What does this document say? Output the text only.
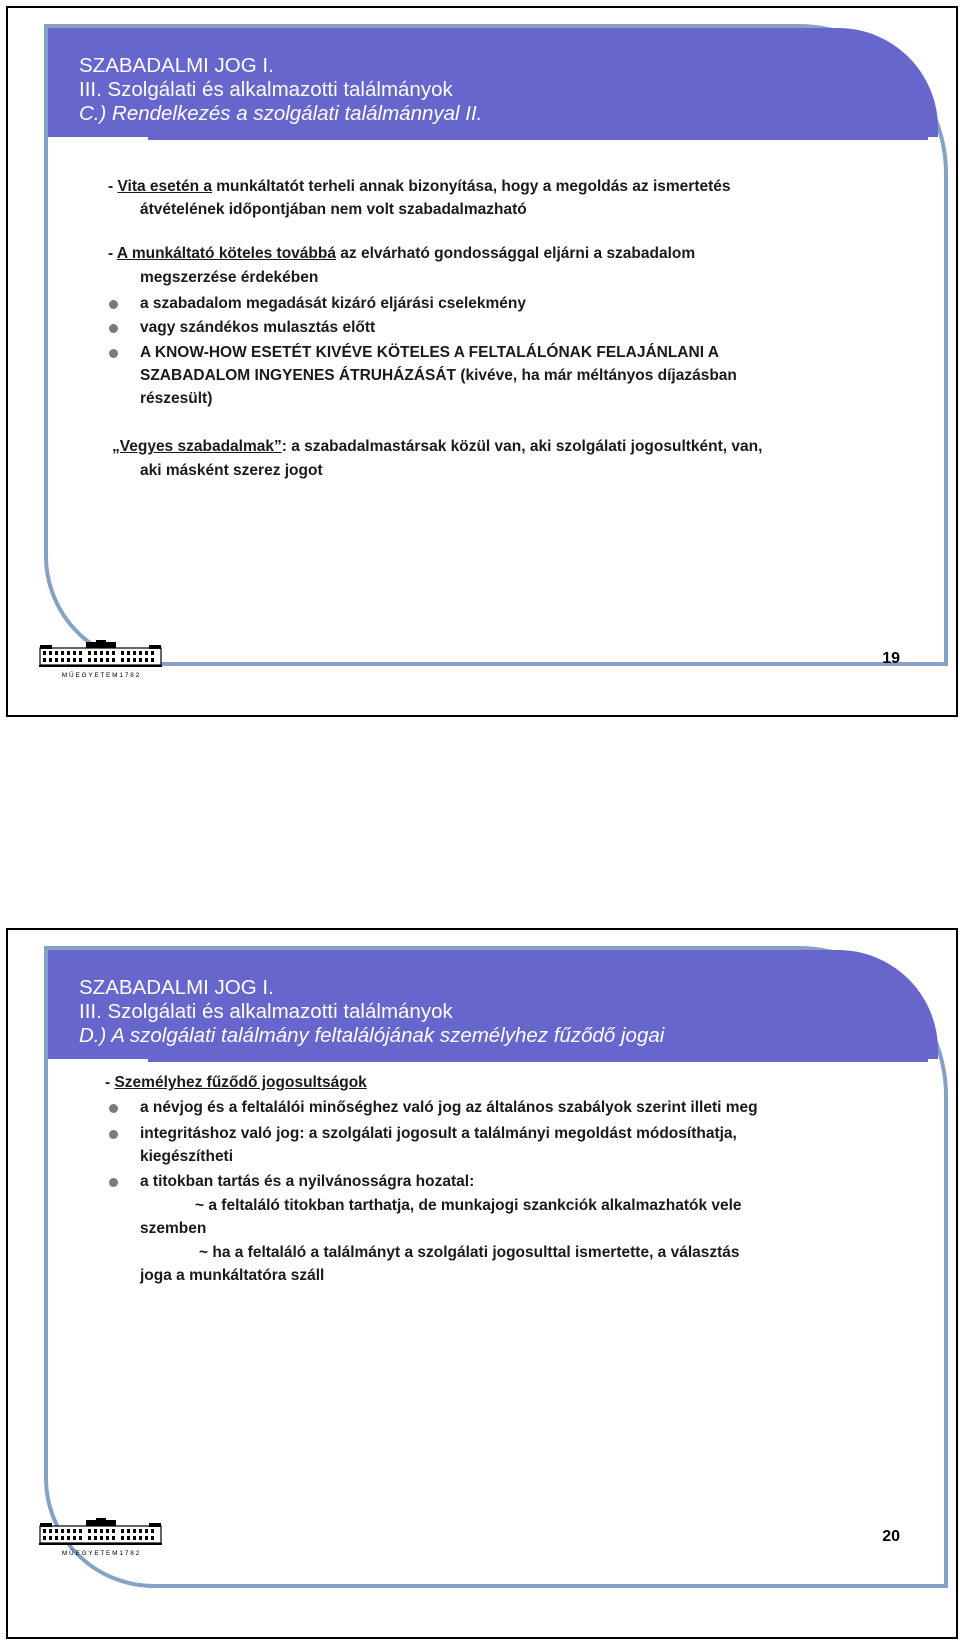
SZABADALMI JOG I.
III. Szolgálati és alkalmazotti találmányok
C.) Rendelkezés a szolgálati találmánnyal II.
- Vita esetén a munkáltatót terheli annak bizonyítása, hogy a megoldás az ismertetés
átvételének időpontjában nem volt szabadalmazható
- A munkáltató köteles továbbá az elvárható gondossággal eljárni a szabadalom
megszerzése érdekében
a szabadalom megadását kizáró eljárási cselekmény
vagy szándékos mulasztás előtt
A KNOW-HOW ESETÉT KIVÉVE KÖTELES A FELTALÁLÓNAK FELAJÁNLANI A
SZABADALOM INGYENES ÁTRUHÁZÁSÁT (kivéve, ha már méltányos díjazásban
részesült)
„Vegyes szabadalmak”: a szabadalmastársak közül van, aki szolgálati jogosultként, van,
aki másként szerez jogot
M Ű E G Y E T E M 1 7 8 2
19
SZABADALMI JOG I.
III. Szolgálati és alkalmazotti találmányok
D.) A szolgálati találmány feltalálójának személyhez fűződő jogai
- Személyhez fűződő jogosultságok
a névjog és a feltalálói minőséghez való jog az általános szabályok szerint illeti meg
integritáshoz való jog: a szolgálati jogosult a találmányi megoldást módosíthatja,
kiegészítheti
a titokban tartás és a nyilvánosságra hozatal:
~ a feltaláló titokban tarthatja, de munkajogi szankciók alkalmazhatók vele
szemben
~ ha a feltaláló a találmányt a szolgálati jogosulttal ismertette, a választás
joga a munkáltatóra száll
M Ű E G Y E T E M 1 7 8 2
20
